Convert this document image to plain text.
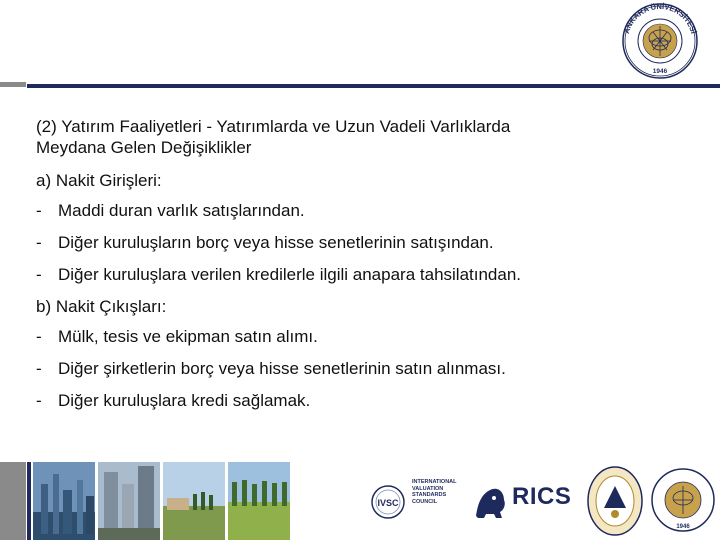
ANKARA ÜNİVERSİTESİ
1946
(2) Yatırım Faaliyetleri - Yatırımlarda ve Uzun Vadeli Varlıklarda
Meydana Gelen Değişiklikler
a) Nakit Girişleri:
- Maddi duran varlık satışlarından.
- Diğer kuruluşların borç veya hisse senetlerinin satışından.
- Diğer kuruluşlara verilen kredilerle ilgili anapara tahsilatından.
b) Nakit Çıkışları:
- Mülk, tesis ve ekipman satın alımı.
- Diğer şirketlerin borç veya hisse senetlerinin satın alınması.
- Diğer kuruluşlara kredi sağlamak.
IVSC
INTERNATIONAL
VALUATION
STANDARDS
COUNCIL	RICS
1946
